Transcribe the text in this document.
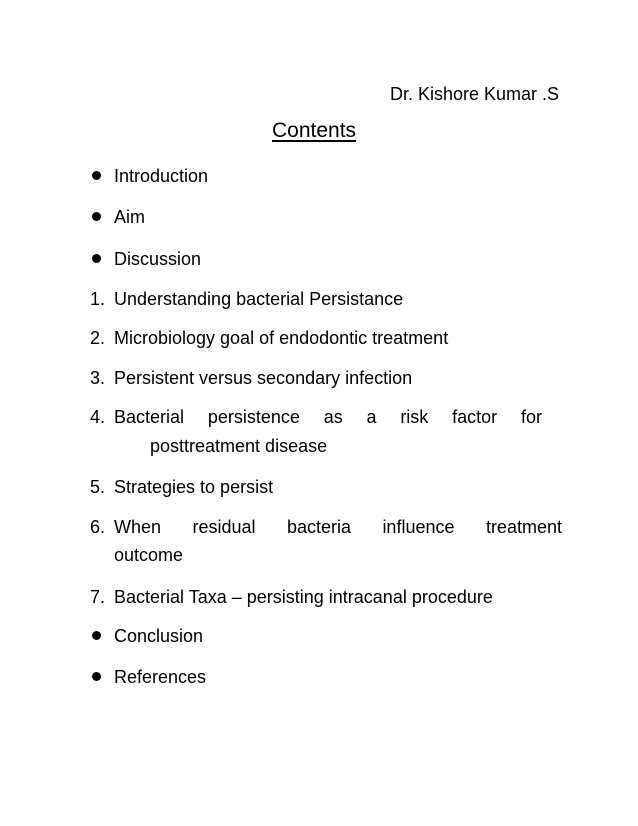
Dr. Kishore Kumar .S
Contents
Introduction
Aim
Discussion
1. Understanding bacterial Persistance
2. Microbiology goal of endodontic treatment
3. Persistent versus secondary infection
4. Bacterial persistence as a risk factor for
posttreatment disease
5. Strategies to persist
6. When residual bacteria influence treatment
outcome
7. Bacterial Taxa – persisting intracanal procedure
Conclusion
References
